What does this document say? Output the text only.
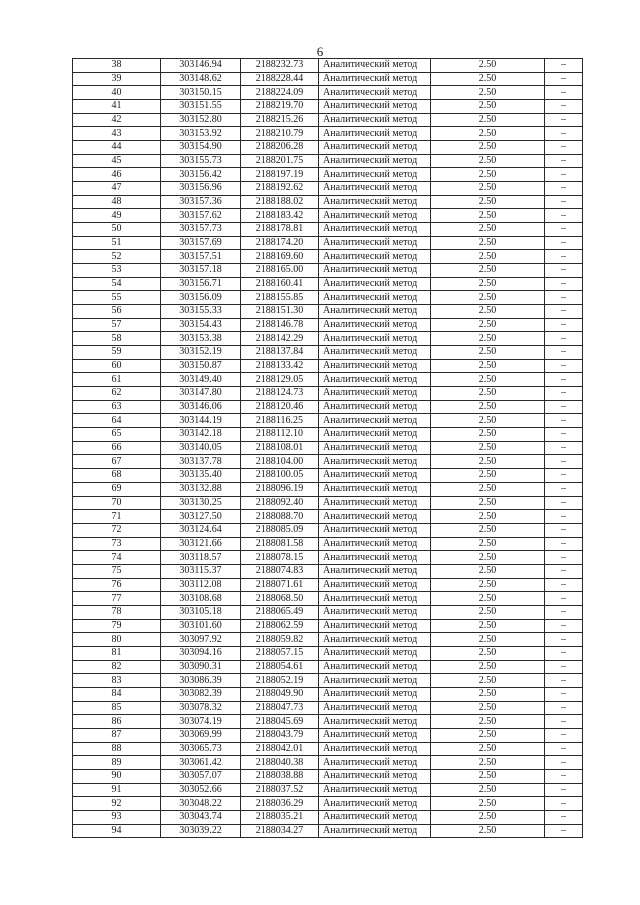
6
38	303146.94	2188232.73	Аналитический метод	2.50	–
39	303148.62	2188228.44	Аналитический метод	2.50	–
40	303150.15	2188224.09	Аналитический метод	2.50	–
41	303151.55	2188219.70	Аналитический метод	2.50	–
42	303152.80	2188215.26	Аналитический метод	2.50	–
43	303153.92	2188210.79	Аналитический метод	2.50	–
44	303154.90	2188206.28	Аналитический метод	2.50	–
45	303155.73	2188201.75	Аналитический метод	2.50	–
46	303156.42	2188197.19	Аналитический метод	2.50	–
47	303156.96	2188192.62	Аналитический метод	2.50	–
48	303157.36	2188188.02	Аналитический метод	2.50	–
49	303157.62	2188183.42	Аналитический метод	2.50	–
50	303157.73	2188178.81	Аналитический метод	2.50	–
51	303157.69	2188174.20	Аналитический метод	2.50	–
52	303157.51	2188169.60	Аналитический метод	2.50	–
53	303157.18	2188165.00	Аналитический метод	2.50	–
54	303156.71	2188160.41	Аналитический метод	2.50	–
55	303156.09	2188155.85	Аналитический метод	2.50	–
56	303155.33	2188151.30	Аналитический метод	2.50	–
57	303154.43	2188146.78	Аналитический метод	2.50	–
58	303153.38	2188142.29	Аналитический метод	2.50	–
59	303152.19	2188137.84	Аналитический метод	2.50	–
60	303150.87	2188133.42	Аналитический метод	2.50	–
61	303149.40	2188129.05	Аналитический метод	2.50	–
62	303147.80	2188124.73	Аналитический метод	2.50	–
63	303146.06	2188120.46	Аналитический метод	2.50	–
64	303144.19	2188116.25	Аналитический метод	2.50	–
65	303142.18	2188112.10	Аналитический метод	2.50	–
66	303140.05	2188108.01	Аналитический метод	2.50	–
67	303137.78	2188104.00	Аналитический метод	2.50	–
68	303135.40	2188100.05	Аналитический метод	2.50	–
69	303132.88	2188096.19	Аналитический метод	2.50	–
70	303130.25	2188092.40	Аналитический метод	2.50	–
71	303127.50	2188088.70	Аналитический метод	2.50	–
72	303124.64	2188085.09	Аналитический метод	2.50	–
73	303121.66	2188081.58	Аналитический метод	2.50	–
74	303118.57	2188078.15	Аналитический метод	2.50	–
75	303115.37	2188074.83	Аналитический метод	2.50	–
76	303112.08	2188071.61	Аналитический метод	2.50	–
77	303108.68	2188068.50	Аналитический метод	2.50	–
78	303105.18	2188065.49	Аналитический метод	2.50	–
79	303101.60	2188062.59	Аналитический метод	2.50	–
80	303097.92	2188059.82	Аналитический метод	2.50	–
81	303094.16	2188057.15	Аналитический метод	2.50	–
82	303090.31	2188054.61	Аналитический метод	2.50	–
83	303086.39	2188052.19	Аналитический метод	2.50	–
84	303082.39	2188049.90	Аналитический метод	2.50	–
85	303078.32	2188047.73	Аналитический метод	2.50	–
86	303074.19	2188045.69	Аналитический метод	2.50	–
87	303069.99	2188043.79	Аналитический метод	2.50	–
88	303065.73	2188042.01	Аналитический метод	2.50	–
89	303061.42	2188040.38	Аналитический метод	2.50	–
90	303057.07	2188038.88	Аналитический метод	2.50	–
91	303052.66	2188037.52	Аналитический метод	2.50	–
92	303048.22	2188036.29	Аналитический метод	2.50	–
93	303043.74	2188035.21	Аналитический метод	2.50	–
94	303039.22	2188034.27	Аналитический метод	2.50	–
